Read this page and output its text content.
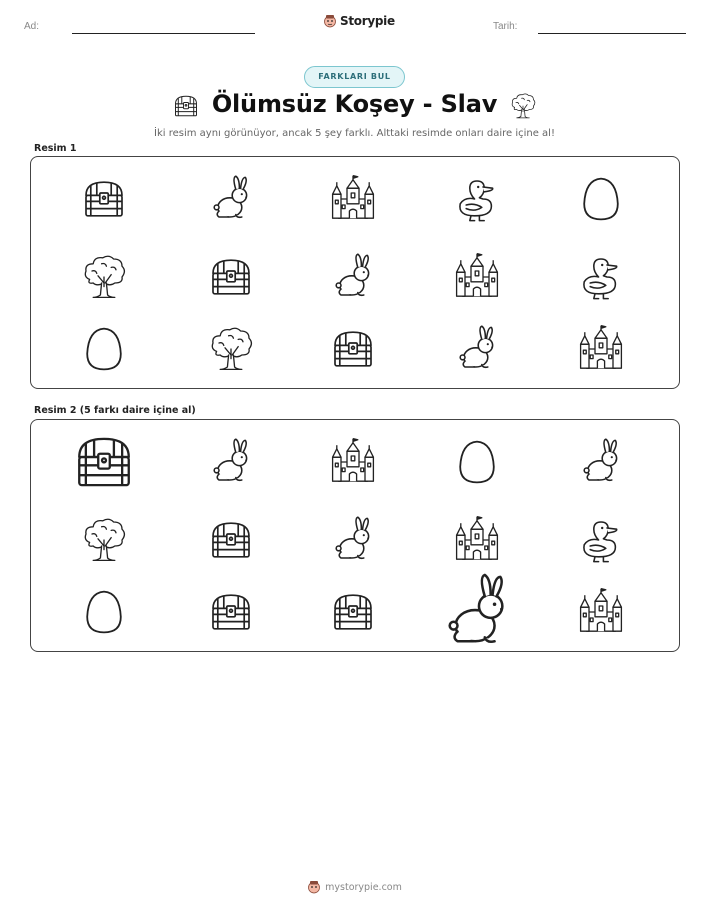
Ad:	Storypie	Tarih:
FARKLARI BUL
Ölümsüz Koşey - Slav
İki resim aynı görünüyor, ancak 5 şey farklı. Alttaki resimde onları daire içine al!
Resim 1
Resim 2 (5 farkı daire içine al)
mystorypie.com
